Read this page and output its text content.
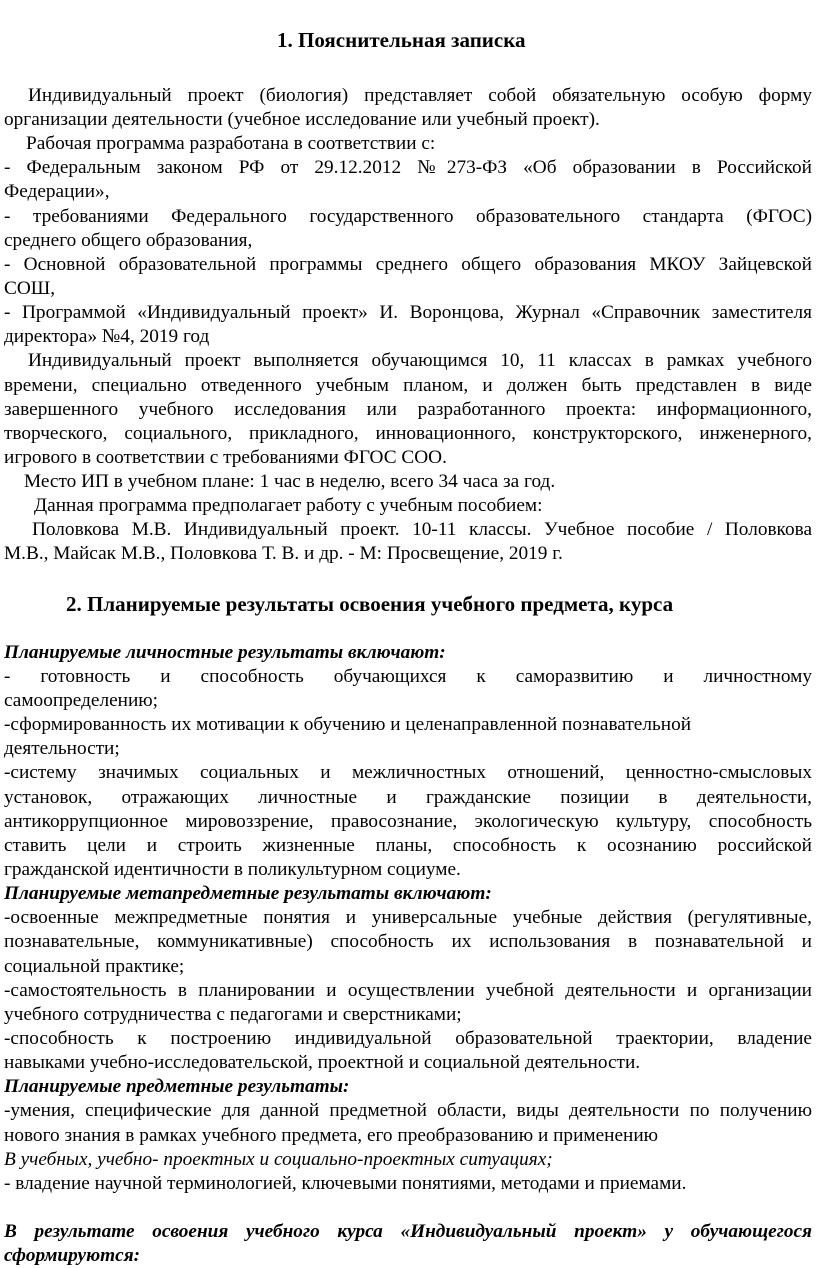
1. Пояснительная записка
Индивидуальный проект (биология) представляет собой обязательную особую форму
организации деятельности (учебное исследование или учебный проект).
Рабочая программа разработана в соответствии с:
- Федеральным законом РФ от 29.12.2012 №273-ФЗ «Об образовании в Российской
Федерации»,
- требованиями Федерального государственного образовательного стандарта (ФГОС)
среднего общего образования,
- Основной образовательной программы среднего общего образования МКОУ Зайцевской
СОШ,
- Программой «Индивидуальный проект» И. Воронцова, Журнал «Справочник заместителя
директора» №4, 2019 год
Индивидуальный проект выполняется обучающимся 10, 11 классах в рамках учебного
времени, специально отведенного учебным планом, и должен быть представлен в виде
завершенного учебного исследования или разработанного проекта: информационного,
творческого, социального, прикладного, инновационного, конструкторского, инженерного,
игрового в соответствии с требованиями ФГОС СОО.
Место ИП в учебном плане: 1 час в неделю, всего 34 часа за год.
Данная программа предполагает работу с учебным пособием:
Половкова М.В. Индивидуальный проект. 10-11 классы. Учебное пособие / Половкова
М.В., Майсак М.В., Половкова Т. В. и др. - М: Просвещение, 2019 г.
2. Планируемые результаты освоения учебного предмета, курса
Планируемые личностные результаты включают:
- готовность и способность обучающихся к саморазвитию и личностному
самоопределению;
-сформированность их мотивации к обучению и целенаправленной познавательной
деятельности;
-систему значимых социальных и межличностных отношений, ценностно-смысловых
установок, отражающих личностные и гражданские позиции в деятельности,
антикоррупционное мировоззрение, правосознание, экологическую культуру, способность
ставить цели и строить жизненные планы, способность к осознанию российской
гражданской идентичности в поликультурном социуме.
Планируемые метапредметные результаты включают:
-освоенные межпредметные понятия и универсальные учебные действия (регулятивные,
познавательные, коммуникативные) способность их использования в познавательной и
социальной практике;
-самостоятельность в планировании и осуществлении учебной деятельности и организации
учебного сотрудничества с педагогами и сверстниками;
-способность к построению индивидуальной образовательной траектории, владение
навыками учебно-исследовательской, проектной и социальной деятельности.
Планируемые предметные результаты:
-умения, специфические для данной предметной области, виды деятельности по получению
нового знания в рамках учебного предмета, его преобразованию и применению
В учебных, учебно- проектных и социально-проектных ситуациях;
- владение научной терминологией, ключевыми понятиями, методами и приемами.
В результате освоения учебного курса «Индивидуальный проект» у обучающегося
сформируются:
